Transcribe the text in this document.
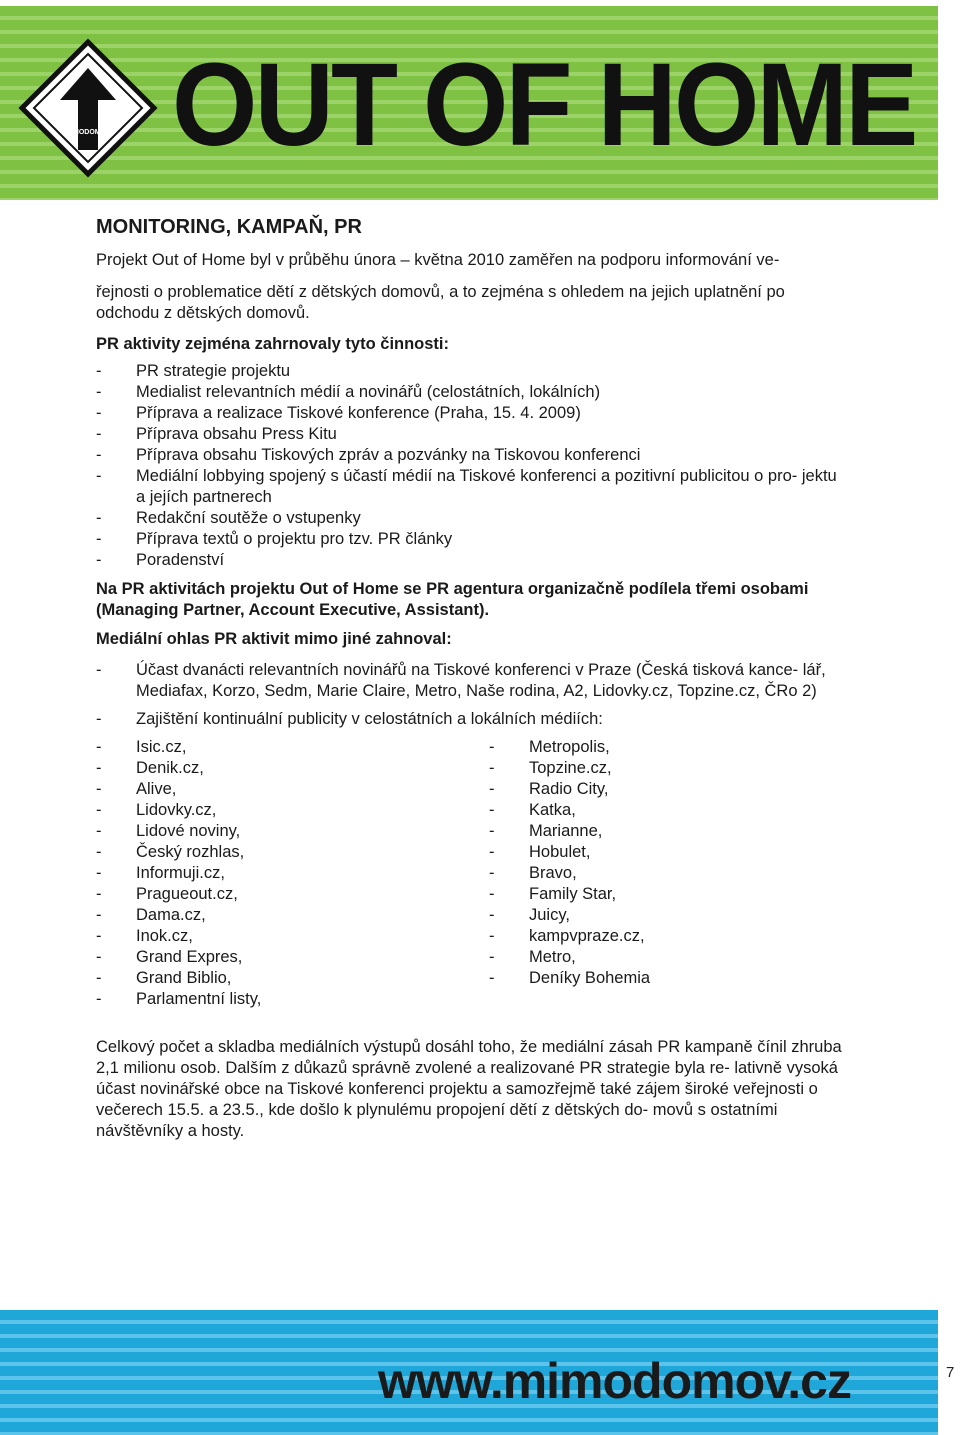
MIMODOMOV OUT OF HOME
MONITORING, KAMPAŇ, PR

Projekt Out of Home byl v průběhu února – května 2010 zaměřen na podporu informování ve-

řejnosti o problematice dětí z dětských domovů, a to zejména s ohledem na jejich uplatnění po odchodu z dětských domovů.

PR aktivity zejména zahrnovaly tyto činnosti:

- PR strategie projektu
- Medialist relevantních médií a novinářů (celostátních, lokálních)
- Příprava a realizace Tiskové konference (Praha, 15. 4. 2009)
- Příprava obsahu Press Kitu
- Příprava obsahu Tiskových zpráv a pozvánky na Tiskovou konferenci
- Mediální lobbying spojený s účastí médií na Tiskové konferenci a pozitivní publicitou o pro- jektu a jejích partnerech
- Redakční soutěže o vstupenky
- Příprava textů o projektu pro tzv. PR články
- Poradenství

Na PR aktivitách projektu Out of Home se PR agentura organizačně podílela třemi osobami (Managing Partner, Account Executive, Assistant).

Mediální ohlas PR aktivit mimo jiné zahnoval:

- Účast dvanácti relevantních novinářů na Tiskové konferenci v Praze (Česká tisková kance- lář, Mediafax, Korzo, Sedm, Marie Claire, Metro, Naše rodina, A2, Lidovky.cz, Topzine.cz, ČRo 2)
- Zajištění kontinuální publicity v celostátních a lokálních médiích:
- Isic.cz,
- Denik.cz,
- Alive,
- Lidovky.cz,
- Lidové noviny,
- Český rozhlas,
- Informuji.cz,
- Pragueout.cz,
- Dama.cz,
- Inok.cz,
- Grand Expres,
- Grand Biblio,
- Parlamentní listy,
- Metropolis,
- Topzine.cz,
- Radio City,
- Katka,
- Marianne,
- Hobulet,
- Bravo,
- Family Star,
- Juicy,
- kampvpraze.cz,
- Metro,
- Deníky Bohemia

Celkový počet a skladba mediálních výstupů dosáhl toho, že mediální zásah PR kampaně čínil zhruba 2,1 milionu osob. Dalším z důkazů správně zvolené a realizované PR strategie byla re- lativně vysoká účast novinářské obce na Tiskové konferenci projektu a samozřejmě také zájem široké veřejnosti o večerech 15.5. a 23.5., kde došlo k plynulému propojení dětí z dětských do- movů s ostatními návštěvníky a hosty.

www.mimodomov.cz	7
